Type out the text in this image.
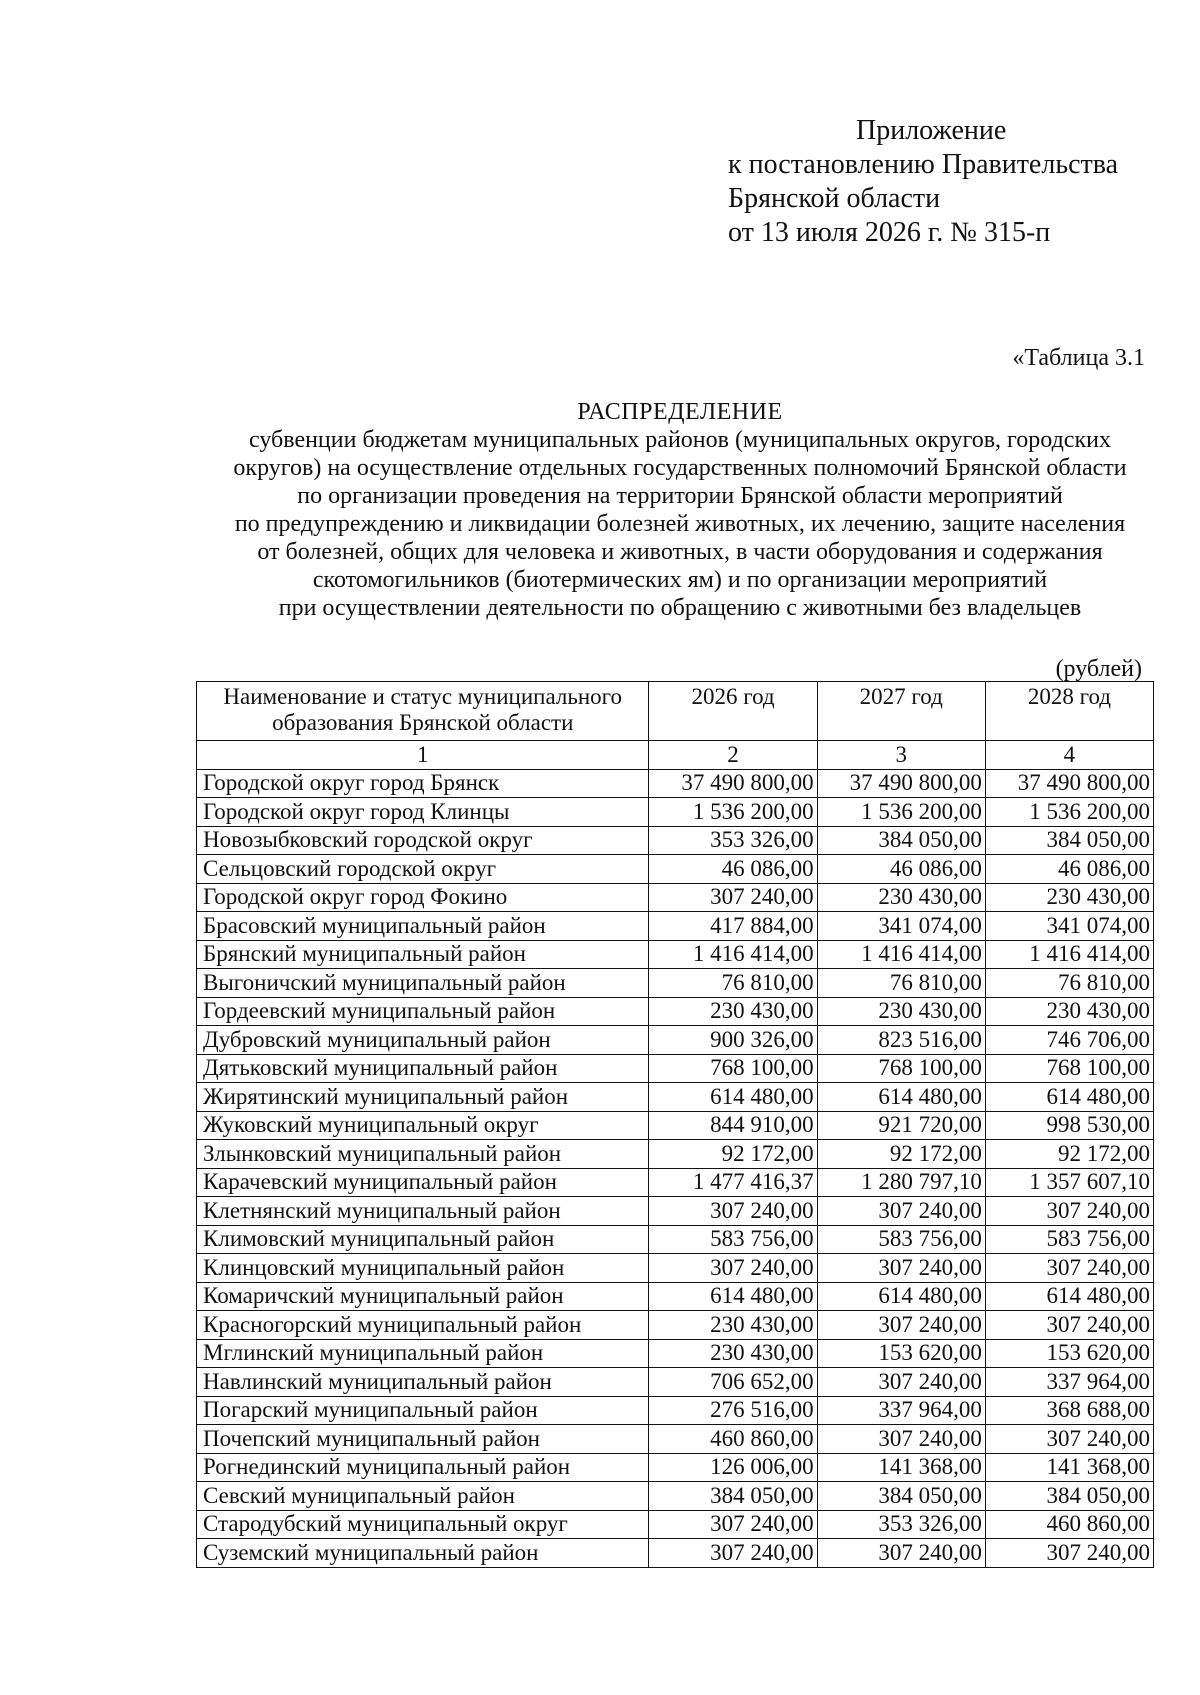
Приложение
к постановлению Правительства
Брянской области
от 13 июля 2026 г. № 315-п
«Таблица 3.1
РАСПРЕДЕЛЕНИЕ
субвенции бюджетам муниципальных районов (муниципальных округов, городских
округов) на осуществление отдельных государственных полномочий Брянской области
по организации проведения на территории Брянской области мероприятий
по предупреждению и ликвидации болезней животных, их лечению, защите населения
от болезней, общих для человека и животных, в части оборудования и содержания
скотомогильников (биотермических ям) и по организации мероприятий
при осуществлении деятельности по обращению с животными без владельцев
(рублей)
Наименование и статус муниципального образования Брянской области	2026 год	2027 год	2028 год
1	2	3	4
Городской округ город Брянск	37 490 800,00	37 490 800,00	37 490 800,00
Городской округ город Клинцы	1 536 200,00	1 536 200,00	1 536 200,00
Новозыбковский городской округ	353 326,00	384 050,00	384 050,00
Сельцовский городской округ	46 086,00	46 086,00	46 086,00
Городской округ город Фокино	307 240,00	230 430,00	230 430,00
Брасовский муниципальный район	417 884,00	341 074,00	341 074,00
Брянский муниципальный район	1 416 414,00	1 416 414,00	1 416 414,00
Выгоничский муниципальный район	76 810,00	76 810,00	76 810,00
Гордеевский муниципальный район	230 430,00	230 430,00	230 430,00
Дубровский муниципальный район	900 326,00	823 516,00	746 706,00
Дятьковский муниципальный район	768 100,00	768 100,00	768 100,00
Жирятинский муниципальный район	614 480,00	614 480,00	614 480,00
Жуковский муниципальный округ	844 910,00	921 720,00	998 530,00
Злынковский муниципальный район	92 172,00	92 172,00	92 172,00
Карачевский муниципальный район	1 477 416,37	1 280 797,10	1 357 607,10
Клетнянский муниципальный район	307 240,00	307 240,00	307 240,00
Климовский муниципальный район	583 756,00	583 756,00	583 756,00
Клинцовский муниципальный район	307 240,00	307 240,00	307 240,00
Комаричский муниципальный район	614 480,00	614 480,00	614 480,00
Красногорский муниципальный район	230 430,00	307 240,00	307 240,00
Мглинский муниципальный район	230 430,00	153 620,00	153 620,00
Навлинский муниципальный район	706 652,00	307 240,00	337 964,00
Погарский муниципальный район	276 516,00	337 964,00	368 688,00
Почепский муниципальный район	460 860,00	307 240,00	307 240,00
Рогнединский муниципальный район	126 006,00	141 368,00	141 368,00
Севский муниципальный район	384 050,00	384 050,00	384 050,00
Стародубский муниципальный округ	307 240,00	353 326,00	460 860,00
Суземский муниципальный район	307 240,00	307 240,00	307 240,00
